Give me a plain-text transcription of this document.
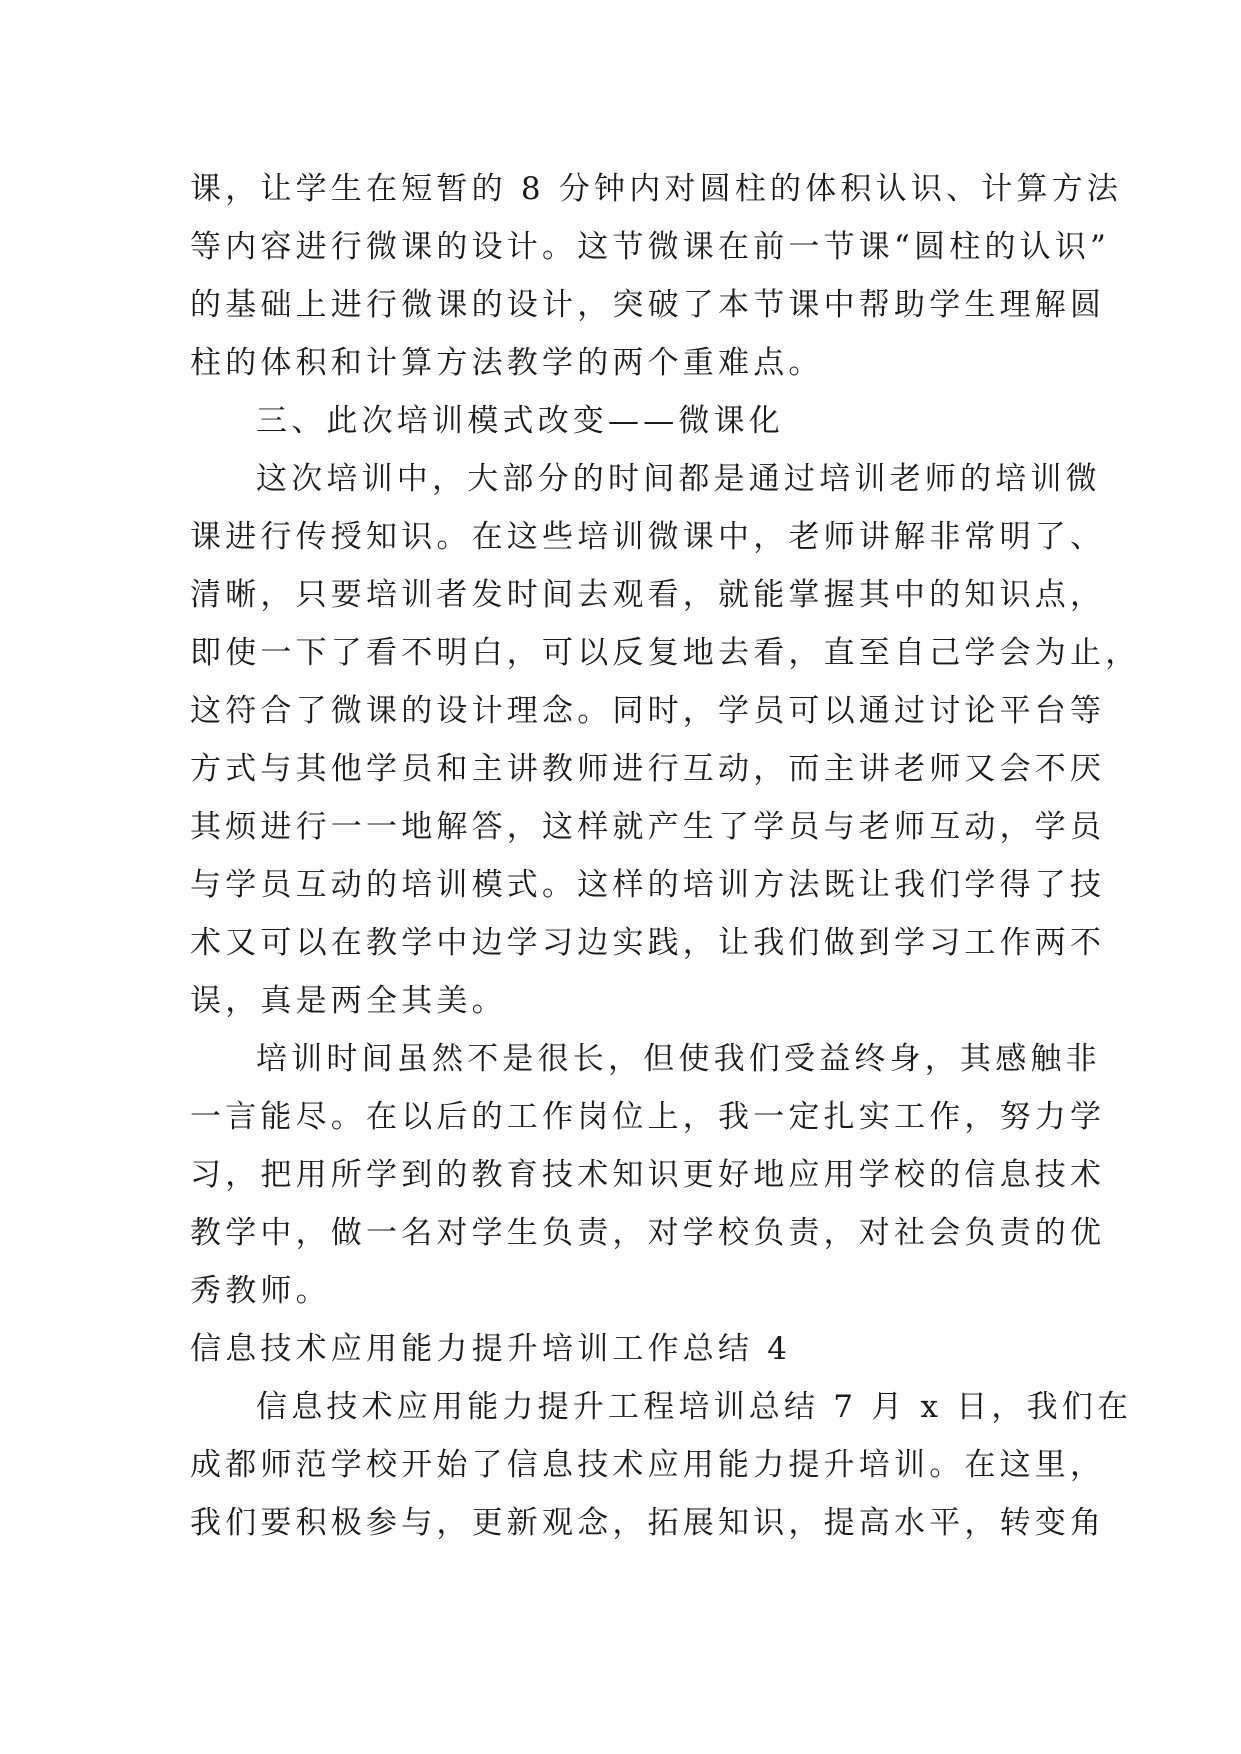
课，让学生在短暂的 8 分钟内对圆柱的体积认识、计算方法
等内容进行微课的设计。这节微课在前一节课“圆柱的认识”
的基础上进行微课的设计，突破了本节课中帮助学生理解圆
柱的体积和计算方法教学的两个重难点。
三、此次培训模式改变——微课化
这次培训中，大部分的时间都是通过培训老师的培训微
课进行传授知识。在这些培训微课中，老师讲解非常明了、
清晰，只要培训者发时间去观看，就能掌握其中的知识点，
即使一下了看不明白，可以反复地去看，直至自己学会为止，
这符合了微课的设计理念。同时，学员可以通过讨论平台等
方式与其他学员和主讲教师进行互动，而主讲老师又会不厌
其烦进行一一地解答，这样就产生了学员与老师互动，学员
与学员互动的培训模式。这样的培训方法既让我们学得了技
术又可以在教学中边学习边实践，让我们做到学习工作两不
误，真是两全其美。
培训时间虽然不是很长，但使我们受益终身，其感触非
一言能尽。在以后的工作岗位上，我一定扎实工作，努力学
习，把用所学到的教育技术知识更好地应用学校的信息技术
教学中，做一名对学生负责，对学校负责，对社会负责的优
秀教师。
信息技术应用能力提升培训工作总结 4
信息技术应用能力提升工程培训总结 7 月 x 日，我们在
成都师范学校开始了信息技术应用能力提升培训。在这里，
我们要积极参与，更新观念，拓展知识，提高水平，转变角
